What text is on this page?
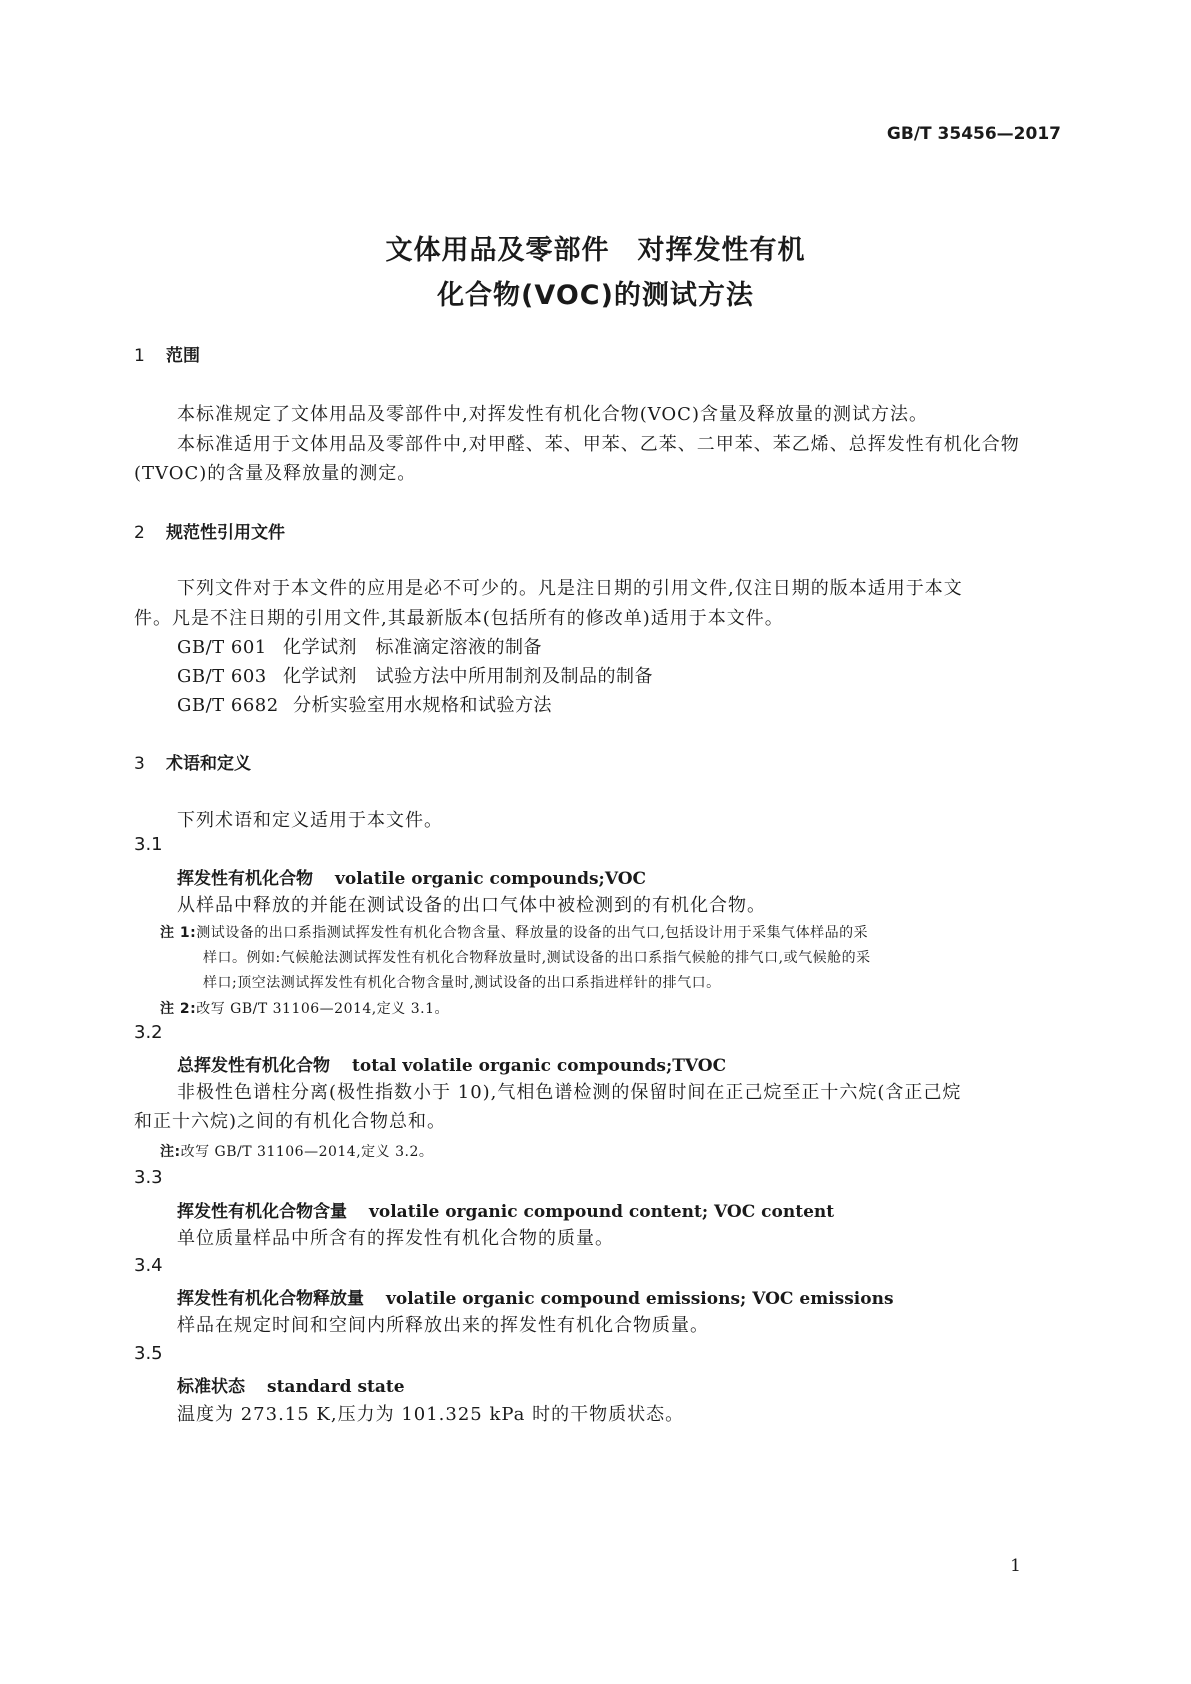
GB/T 35456—2017
文体用品及零部件　对挥发性有机
化合物(VOC)的测试方法
1 范围
本标准规定了文体用品及零部件中,对挥发性有机化合物(VOC)含量及释放量的测试方法。
本标准适用于文体用品及零部件中,对甲醛、苯、甲苯、乙苯、二甲苯、苯乙烯、总挥发性有机化合物
(TVOC)的含量及释放量的测定。
2 规范性引用文件
下列文件对于本文件的应用是必不可少的。凡是注日期的引用文件,仅注日期的版本适用于本文
件。凡是不注日期的引用文件,其最新版本(包括所有的修改单)适用于本文件。
GB/T 601 化学试剂　标准滴定溶液的制备
GB/T 603 化学试剂　试验方法中所用制剂及制品的制备
GB/T 6682 分析实验室用水规格和试验方法
3 术语和定义
下列术语和定义适用于本文件。
3.1
挥发性有机化合物 volatile organic compounds;VOC
从样品中释放的并能在测试设备的出口气体中被检测到的有机化合物。
注 1:测试设备的出口系指测试挥发性有机化合物含量、释放量的设备的出气口,包括设计用于采集气体样品的采
样口。例如:气候舱法测试挥发性有机化合物释放量时,测试设备的出口系指气候舱的排气口,或气候舱的采
样口;顶空法测试挥发性有机化合物含量时,测试设备的出口系指进样针的排气口。
注 2:改写 GB/T 31106—2014,定义 3.1。
3.2
总挥发性有机化合物 total volatile organic compounds;TVOC
非极性色谱柱分离(极性指数小于 10),气相色谱检测的保留时间在正己烷至正十六烷(含正己烷
和正十六烷)之间的有机化合物总和。
注:改写 GB/T 31106—2014,定义 3.2。
3.3
挥发性有机化合物含量 volatile organic compound content; VOC content
单位质量样品中所含有的挥发性有机化合物的质量。
3.4
挥发性有机化合物释放量 volatile organic compound emissions; VOC emissions
样品在规定时间和空间内所释放出来的挥发性有机化合物质量。
3.5
标准状态 standard state
温度为 273.15 K,压力为 101.325 kPa 时的干物质状态。
1
